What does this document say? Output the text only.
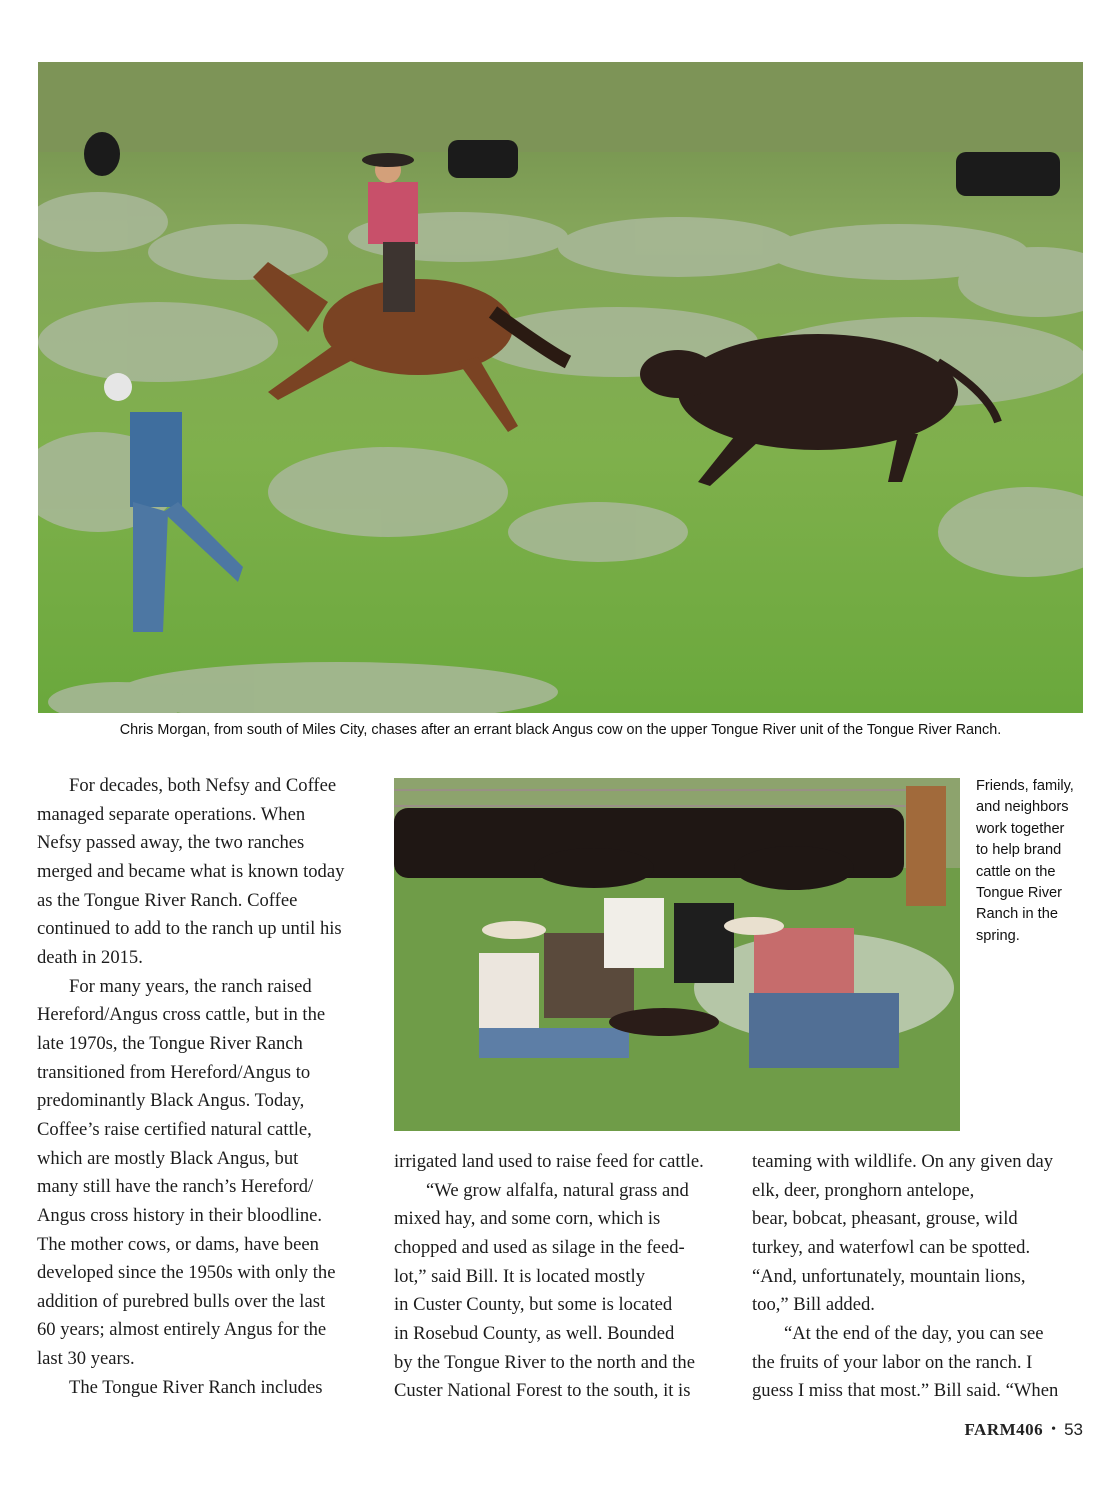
Chris Morgan, from south of Miles City, chases after an errant black Angus cow on the upper Tongue River unit of the Tongue River Ranch.
Friends, family,
and neighbors
work together
to help brand
cattle on the
Tongue River
Ranch in the
spring.

For decades, both Nefsy and Coffee

managed separate operations. When

Nefsy passed away, the two ranches

merged and became what is known today

as the Tongue River Ranch. Coffee

continued to add to the ranch up until his

death in 2015.

For many years, the ranch raised

Hereford/Angus cross cattle, but in the

late 1970s, the Tongue River Ranch

transitioned from Hereford/Angus to

predominantly Black Angus. Today,

Coffee’s raise certified natural cattle,

which are mostly Black Angus, but

many still have the ranch’s Hereford/

Angus cross history in their bloodline.

The mother cows, or dams, have been

developed since the 1950s with only the

addition of purebred bulls over the last

60 years; almost entirely Angus for the

last 30 years.

The Tongue River Ranch includes

irrigated land used to raise feed for cattle.

“We grow alfalfa, natural grass and

mixed hay, and some corn, which is

chopped and used as silage in the feed-

lot,” said Bill. It is located mostly

in Custer County, but some is located

in Rosebud County, as well. Bounded

by the Tongue River to the north and the

Custer National Forest to the south, it is

teaming with wildlife. On any given day

elk, deer, pronghorn antelope,

bear, bobcat, pheasant, grouse, wild

turkey, and waterfowl can be spotted.

“And, unfortunately, mountain lions,

too,” Bill added.

“At the end of the day, you can see

the fruits of your labor on the ranch. I

guess I miss that most.” Bill said. “When

FARM406 • 53
